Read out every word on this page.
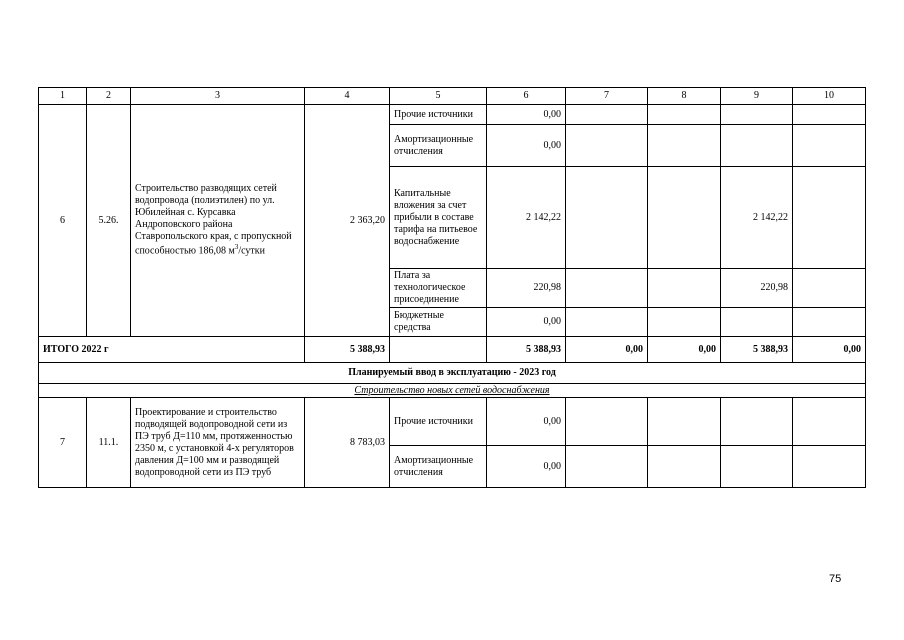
1	2	3	4	5	6	7	8	9	10
6	5.26.	Строительство разводящих сетей водопровода (полиэтилен) по ул. Юбилейная с. Курсавка Андроповского района Ставропольского края, с пропускной способностью 186,08 $м^3$/сутки	2 363,20	Прочие источники	0,00				
				Амортизационные отчисления	0,00				
				Капитальные вложения за счет прибыли в составе тарифа на питьевое водоснабжение	2 142,22			2 142,22	
				Плата за технологическое присоединение	220,98			220,98	
				Бюджетные средства	0,00				
ИТОГО 2022 г			5 388,93		5 388,93	0,00	0,00	5 388,93	0,00
Планируемый ввод в эксплуатацию - 2023 год									
Строительство новых сетей водоснабжения									
7	11.1.	Проектирование и строительство подводящей водопроводной сети из ПЭ труб Д=110 мм, протяженностью 2350 м, с установкой 4-х регуляторов давления Д=100 мм и разводящей водопроводной сети из ПЭ труб	8 783,03	Прочие источники	0,00				
				Амортизационные отчисления	0,00				
75
